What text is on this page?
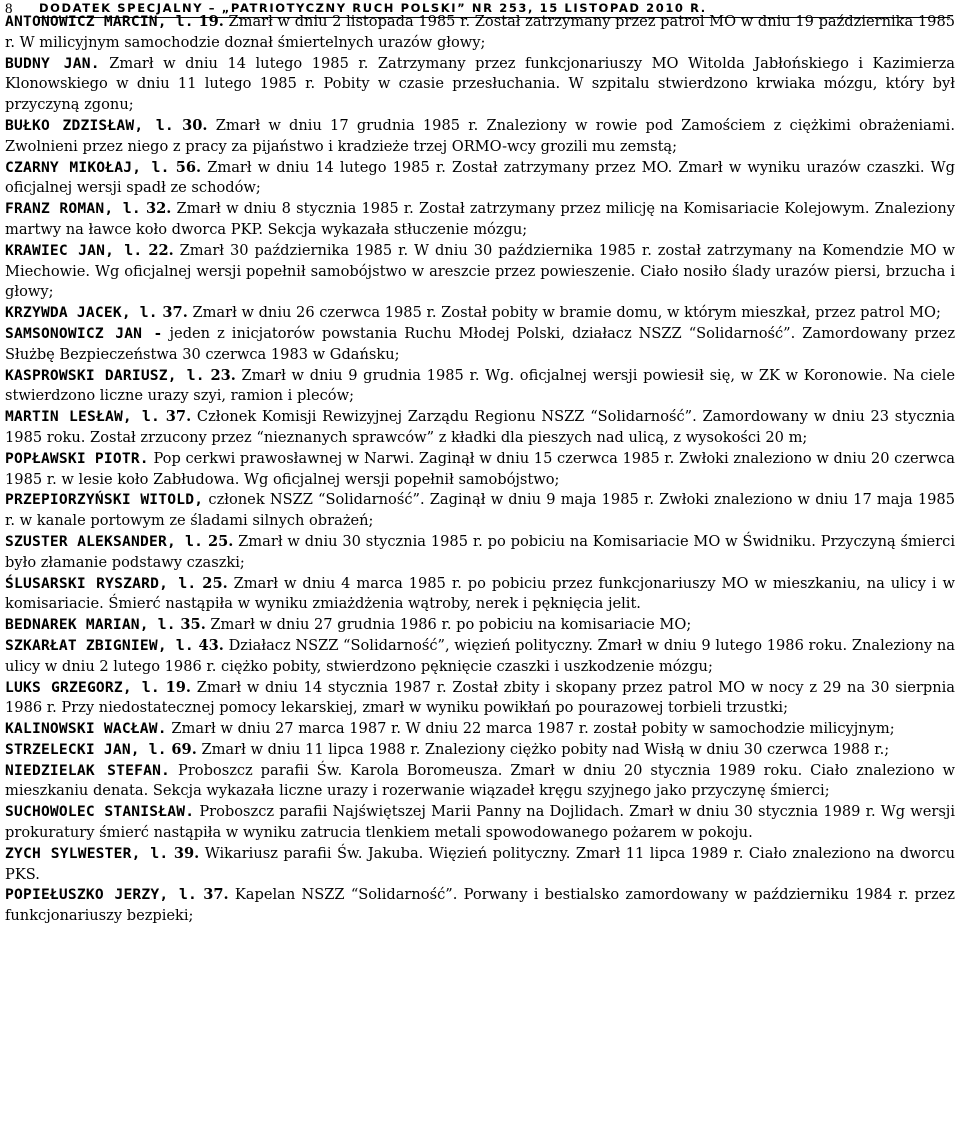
8 DODATEK SPECJALNY – „PATRIOTYCZNY RUCH POLSKI” NR 253, 15 LISTOPAD 2010 R.

ANTONOWICZ MARCIN, l. 19. Zmarł w dniu 2 listopada 1985 r. Został zatrzymany przez patrol MO w dniu 19 października 1985 r. W milicyjnym samochodzie doznał śmiertelnych urazów głowy;

BUDNY JAN. Zmarł w dniu 14 lutego 1985 r. Zatrzymany przez funkcjonariuszy MO Witolda Jabłońskiego i Kazimierza Klonowskiego w dniu 11 lutego 1985 r. Pobity w czasie przesłuchania. W szpitalu stwierdzono krwiaka mózgu, który był przyczyną zgonu;

BUŁKO ZDZISŁAW, l. 30. Zmarł w dniu 17 grudnia 1985 r. Znaleziony w rowie pod Zamościem z ciężkimi obrażeniami. Zwolnieni przez niego z pracy za pijaństwo i kradzieże trzej ORMO-wcy grozili mu zemstą;

CZARNY MIKOŁAJ, l. 56. Zmarł w dniu 14 lutego 1985 r. Został zatrzymany przez MO. Zmarł w wyniku urazów czaszki. Wg oficjalnej wersji spadł ze schodów;

FRANZ ROMAN, l. 32. Zmarł w dniu 8 stycznia 1985 r. Został zatrzymany przez milicję na Komisariacie Kolejowym. Znaleziony martwy na ławce koło dworca PKP. Sekcja wykazała stłuczenie mózgu;

KRAWIEC JAN, l. 22. Zmarł 30 października 1985 r. W dniu 30 października 1985 r. został zatrzymany na Komendzie MO w Miechowie. Wg oficjalnej wersji popełnił samobójstwo w areszcie przez powieszenie. Ciało nosiło ślady urazów piersi, brzucha i głowy;

KRZYWDA JACEK, l. 37. Zmarł w dniu 26 czerwca 1985 r. Został pobity w bramie domu, w którym mieszkał, przez patrol MO;

SAMSONOWICZ JAN - jeden z inicjatorów powstania Ruchu Młodej Polski, działacz NSZZ “Solidarność”. Zamordowany przez Służbę Bezpieczeństwa 30 czerwca 1983 w Gdańsku;

KASPROWSKI DARIUSZ, l. 23. Zmarł w dniu 9 grudnia 1985 r. Wg. oficjalnej wersji powiesił się, w ZK w Koronowie. Na ciele stwierdzono liczne urazy szyi, ramion i pleców;

MARTIN LESŁAW, l. 37. Członek Komisji Rewizyjnej Zarządu Regionu NSZZ “Solidarność”. Zamordowany w dniu 23 stycznia 1985 roku. Został zrzucony przez “nieznanych sprawców” z kładki dla pieszych nad ulicą, z wysokości 20 m;

POPŁAWSKI PIOTR. Pop cerkwi prawosławnej w Narwi. Zaginął w dniu 15 czerwca 1985 r. Zwłoki znaleziono w dniu 20 czerwca 1985 r. w lesie koło Zabłudowa. Wg oficjalnej wersji popełnił samobójstwo;

PRZEPIORZYŃSKI WITOLD, członek NSZZ “Solidarność”. Zaginął w dniu 9 maja 1985 r. Zwłoki znaleziono w dniu 17 maja 1985 r. w kanale portowym ze śladami silnych obrażeń;

SZUSTER ALEKSANDER, l. 25. Zmarł w dniu 30 stycznia 1985 r. po pobiciu na Komisariacie MO w Świdniku. Przyczyną śmierci było złamanie podstawy czaszki;

ŚLUSARSKI RYSZARD, l. 25. Zmarł w dniu 4 marca 1985 r. po pobiciu przez funkcjonariuszy MO w mieszkaniu, na ulicy i w komisariacie. Śmierć nastąpiła w wyniku zmiażdżenia wątroby, nerek i pęknięcia jelit.

BEDNAREK MARIAN, l. 35. Zmarł w dniu 27 grudnia 1986 r. po pobiciu na komisariacie MO;

SZKARŁAT ZBIGNIEW, l. 43. Działacz NSZZ “Solidarność”, więzień polityczny. Zmarł w dniu 9 lutego 1986 roku. Znaleziony na ulicy w dniu 2 lutego 1986 r. ciężko pobity, stwierdzono pęknięcie czaszki i uszkodzenie mózgu;

LUKS GRZEGORZ, l. 19. Zmarł w dniu 14 stycznia 1987 r. Został zbity i skopany przez patrol MO w nocy z 29 na 30 sierpnia 1986 r. Przy niedostatecznej pomocy lekarskiej, zmarł w wyniku powikłań po pourazowej torbieli trzustki;

KALINOWSKI WACŁAW. Zmarł w dniu 27 marca 1987 r. W dniu 22 marca 1987 r. został pobity w samochodzie milicyjnym;

STRZELECKI JAN, l. 69. Zmarł w dniu 11 lipca 1988 r. Znaleziony ciężko pobity nad Wisłą w dniu 30 czerwca 1988 r.;

NIEDZIELAK STEFAN. Proboszcz parafii Św. Karola Boromeusza. Zmarł w dniu 20 stycznia 1989 roku. Ciało znaleziono w mieszkaniu denata. Sekcja wykazała liczne urazy i rozerwanie wiązadeł kręgu szyjnego jako przyczynę śmierci;

SUCHOWOLEC STANISŁAW. Proboszcz parafii Najświętszej Marii Panny na Dojlidach. Zmarł w dniu 30 stycznia 1989 r. Wg wersji prokuratury śmierć nastąpiła w wyniku zatrucia tlenkiem metali spowodowanego pożarem w pokoju.

ZYCH SYLWESTER, l. 39. Wikariusz parafii Św. Jakuba. Więzień polityczny. Zmarł 11 lipca 1989 r. Ciało znaleziono na dworcu PKS.

POPIEŁUSZKO JERZY, l. 37. Kapelan NSZZ “Solidarność”. Porwany i bestialsko zamordowany w październiku 1984 r. przez funkcjonariuszy bezpieki;
